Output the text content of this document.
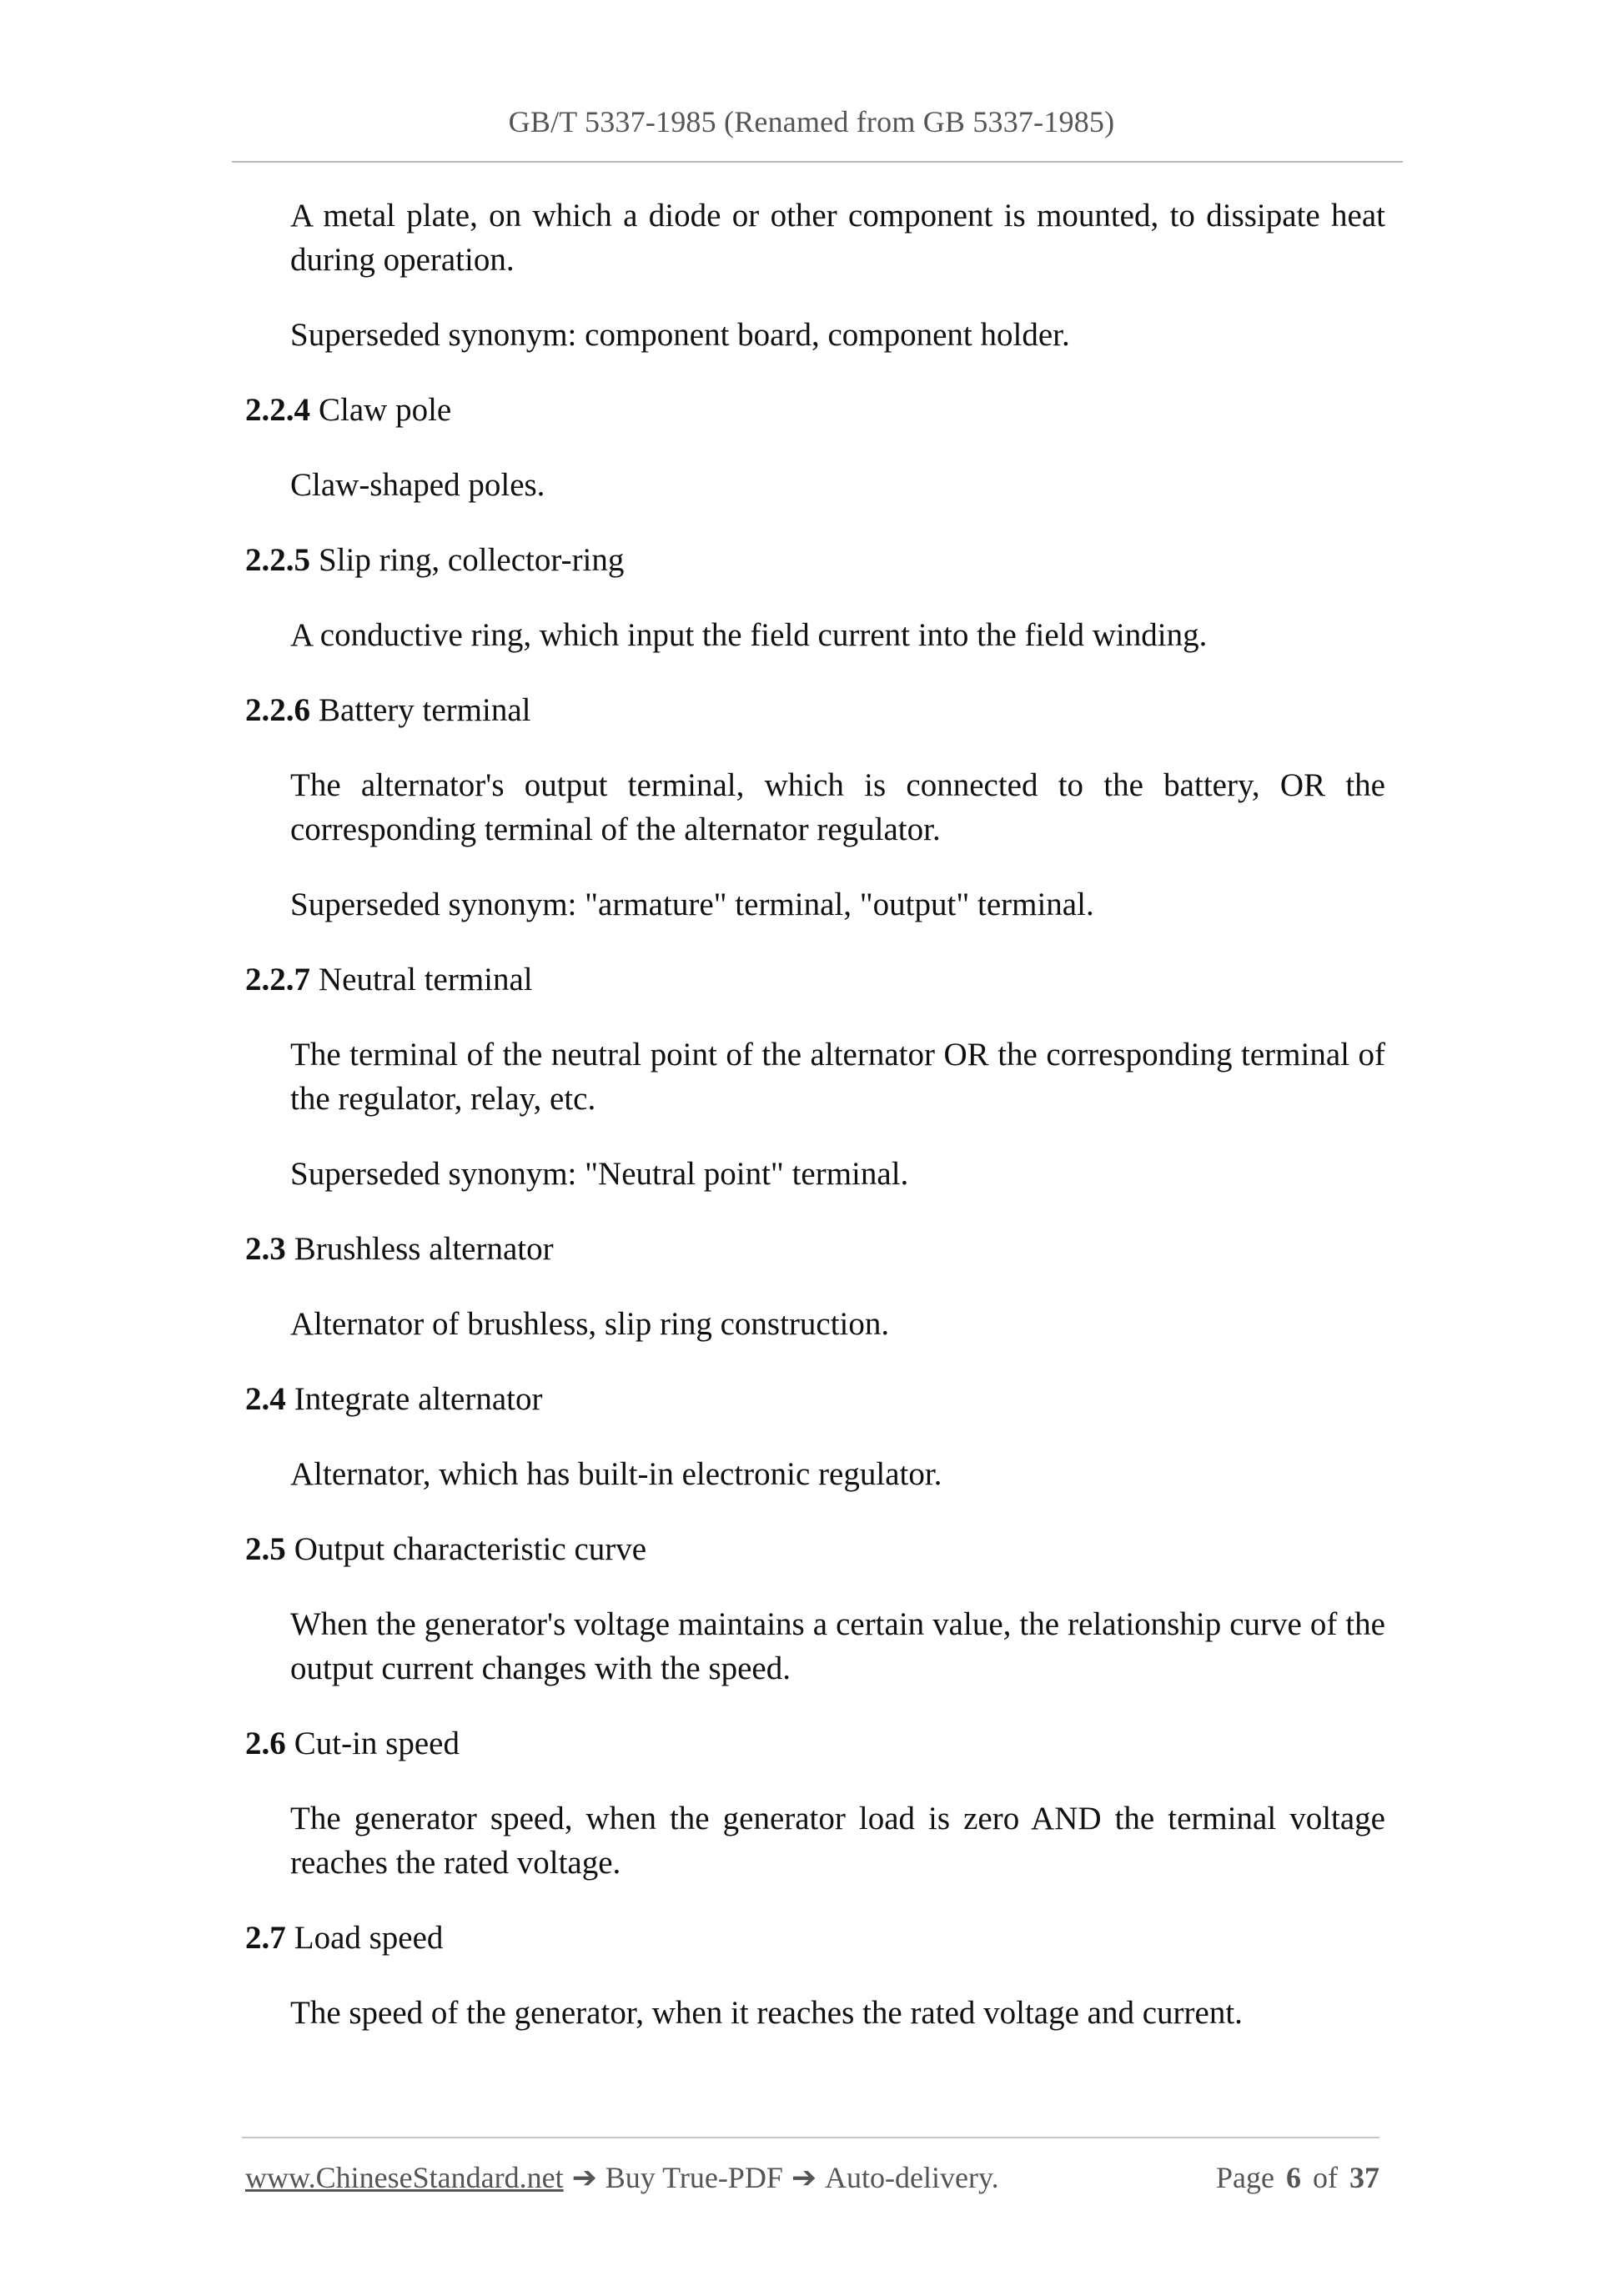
GB/T 5337-1985 (Renamed from GB 5337-1985)
A metal plate, on which a diode or other component is mounted, to dissipate heat during operation.
Superseded synonym: component board, component holder.
2.2.4 Claw pole
Claw-shaped poles.
2.2.5 Slip ring, collector-ring
A conductive ring, which input the field current into the field winding.
2.2.6 Battery terminal
The alternator's output terminal, which is connected to the battery, OR the corresponding terminal of the alternator regulator.
Superseded synonym: "armature" terminal, "output" terminal.
2.2.7 Neutral terminal
The terminal of the neutral point of the alternator OR the corresponding terminal of the regulator, relay, etc.
Superseded synonym: "Neutral point" terminal.
2.3 Brushless alternator
Alternator of brushless, slip ring construction.
2.4 Integrate alternator
Alternator, which has built-in electronic regulator.
2.5 Output characteristic curve
When the generator's voltage maintains a certain value, the relationship curve of the output current changes with the speed.
2.6 Cut-in speed
The generator speed, when the generator load is zero AND the terminal voltage reaches the rated voltage.
2.7 Load speed
The speed of the generator, when it reaches the rated voltage and current.
www.ChineseStandard.net ➔ Buy True-PDF ➔ Auto-delivery.	Page 6 of 37
